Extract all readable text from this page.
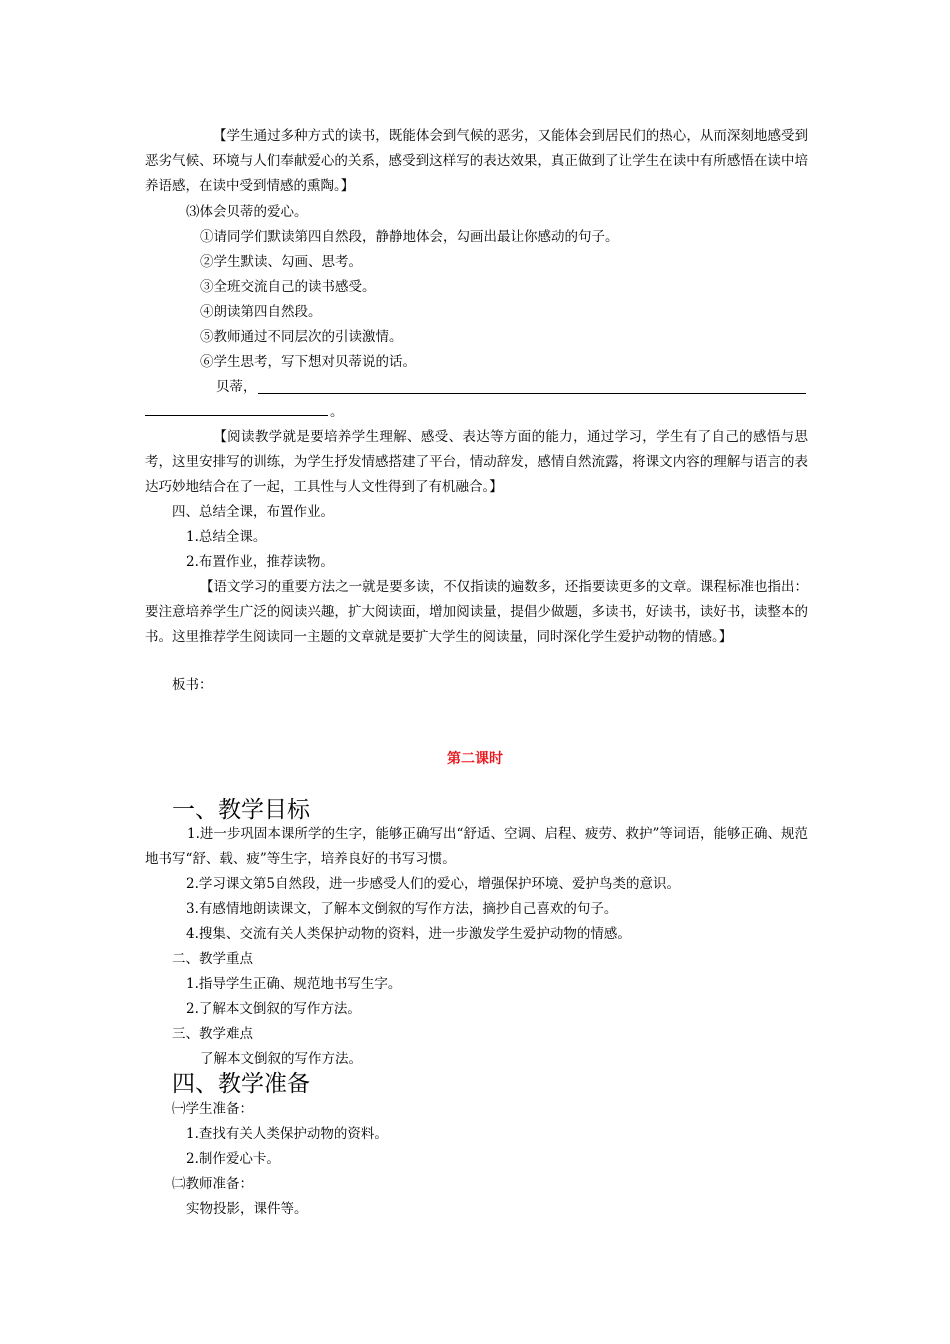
【学生通过多种方式的读书，既能体会到气候的恶劣，又能体会到居民们的热心，从而深刻地感受到恶劣气候、环境与人们奉献爱心的关系，感受到这样写的表达效果，真正做到了让学生在读中有所感悟在读中培养语感，在读中受到情感的熏陶。】
⑶体会贝蒂的爱心。
①请同学们默读第四自然段，静静地体会，勾画出最让你感动的句子。
②学生默读、勾画、思考。
③全班交流自己的读书感受。
④朗读第四自然段。
⑤教师通过不同层次的引读激情。
⑥学生思考，写下想对贝蒂说的话。
贝蒂，
。
【阅读教学就是要培养学生理解、感受、表达等方面的能力，通过学习，学生有了自己的感悟与思考，这里安排写的训练，为学生抒发情感搭建了平台，情动辞发，感情自然流露，将课文内容的理解与语言的表达巧妙地结合在了一起，工具性与人文性得到了有机融合。】
四、总结全课，布置作业。
1.总结全课。
2.布置作业，推荐读物。
【语文学习的重要方法之一就是要多读，不仅指读的遍数多，还指要读更多的文章。课程标准也指出：要注意培养学生广泛的阅读兴趣，扩大阅读面，增加阅读量，提倡少做题，多读书，好读书，读好书，读整本的书。这里推荐学生阅读同一主题的文章就是要扩大学生的阅读量，同时深化学生爱护动物的情感。】
板书：
第二课时
一、教学目标
1.进一步巩固本课所学的生字，能够正确写出“舒适、空调、启程、疲劳、救护”等词语，能够正确、规范地书写“舒、载、疲”等生字，培养良好的书写习惯。
2.学习课文第5自然段，进一步感受人们的爱心，增强保护环境、爱护鸟类的意识。
3.有感情地朗读课文，了解本文倒叙的写作方法，摘抄自己喜欢的句子。
4.搜集、交流有关人类保护动物的资料，进一步激发学生爱护动物的情感。
二、教学重点
1.指导学生正确、规范地书写生字。
2.了解本文倒叙的写作方法。
三、教学难点
了解本文倒叙的写作方法。
四、教学准备
㈠学生准备：
1.查找有关人类保护动物的资料。
2.制作爱心卡。
㈡教师准备：
实物投影，课件等。
